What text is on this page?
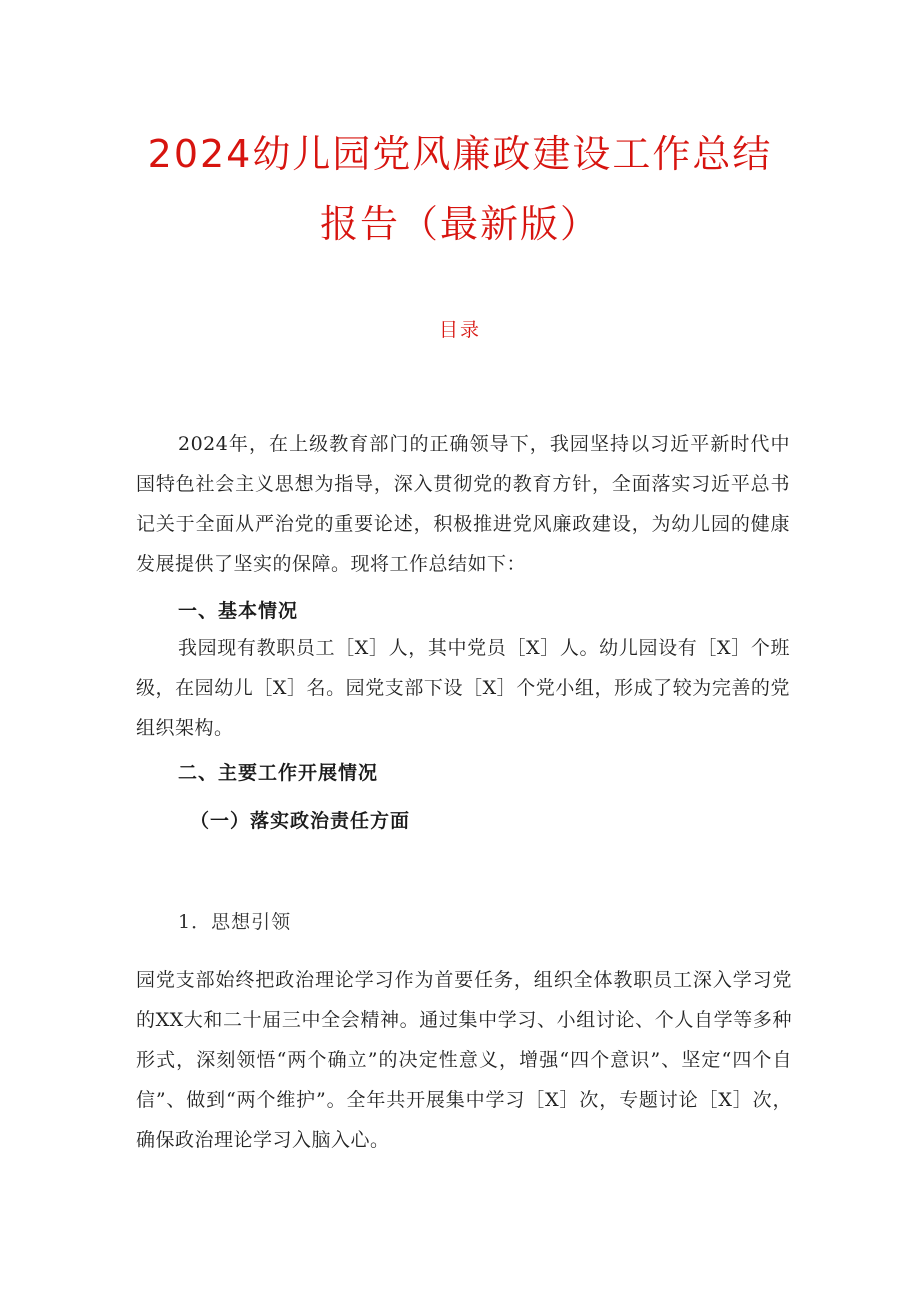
2024幼儿园党风廉政建设工作总结
报告（最新版）
目录

2024年，在上级教育部门的正确领导下，我园坚持以习近平新时代中国特色社会主义思想为指导，深入贯彻党的教育方针，全面落实习近平总书记关于全面从严治党的重要论述，积极推进党风廉政建设，为幼儿园的健康发展提供了坚实的保障。现将工作总结如下：

一、基本情况

我园现有教职员工［X］人，其中党员［X］人。幼儿园设有［X］个班级，在园幼儿［X］名。园党支部下设［X］个党小组，形成了较为完善的党组织架构。

二、主要工作开展情况
（一）落实政治责任方面
1．思想引领

园党支部始终把政治理论学习作为首要任务，组织全体教职员工深入学习党的XX大和二十届三中全会精神。通过集中学习、小组讨论、个人自学等多种形式，深刻领悟“两个确立”的决定性意义，增强“四个意识”、坚定“四个自信”、做到“两个维护”。全年共开展集中学习［X］次，专题讨论［X］次，确保政治理论学习入脑入心。
